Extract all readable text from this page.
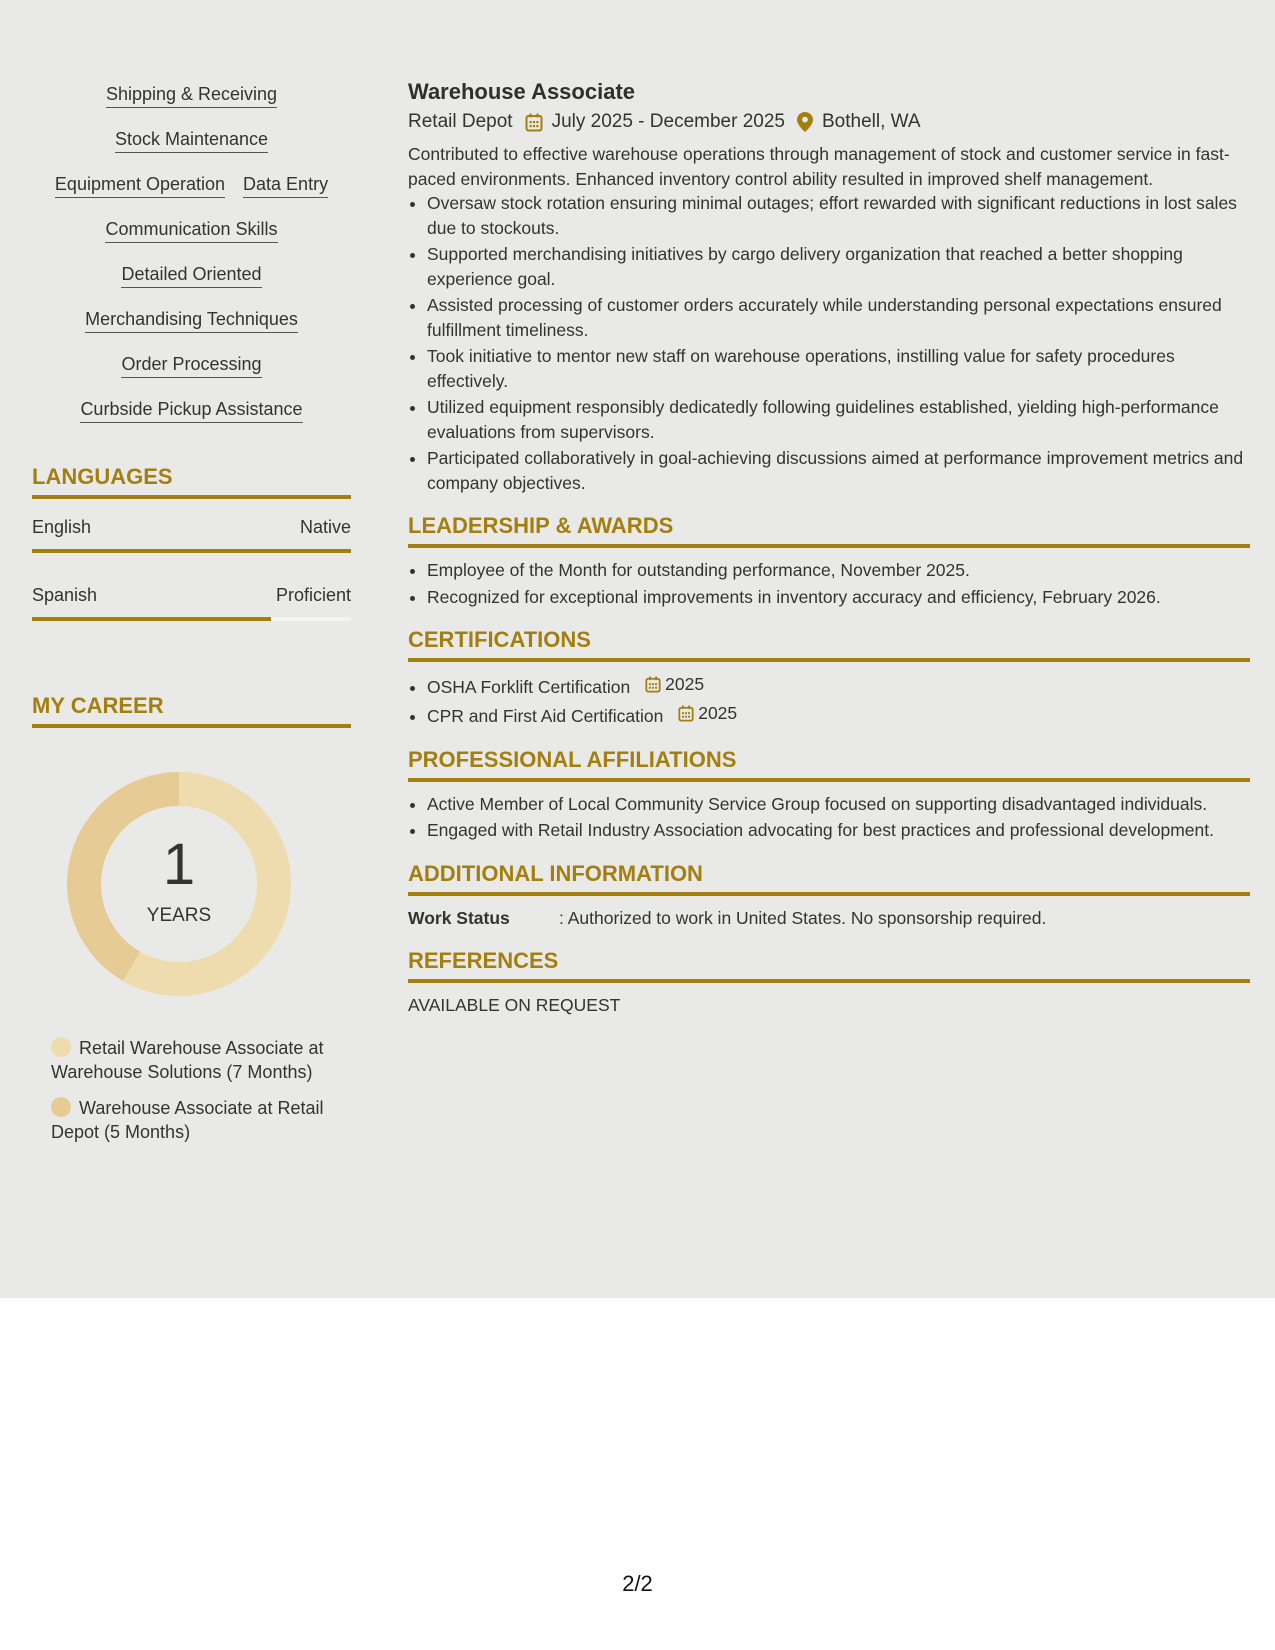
Shipping & Receiving
Stock Maintenance
Equipment Operation Data Entry
Communication Skills
Detailed Oriented
Merchandising Techniques
Order Processing
Curbside Pickup Assistance
LANGUAGES
English	Native
Spanish	Proficient
MY CAREER
1
YEARS
Retail Warehouse Associate at Warehouse Solutions (7 Months)
Warehouse Associate at Retail Depot (5 Months)
Warehouse Associate
Retail Depot July 2025 - December 2025 Bothell, WA
Contributed to effective warehouse operations through management of stock and customer service in fast-paced environments. Enhanced inventory control ability resulted in improved shelf management.
• Oversaw stock rotation ensuring minimal outages; effort rewarded with significant reductions in lost sales due to stockouts.
• Supported merchandising initiatives by cargo delivery organization that reached a better shopping experience goal.
• Assisted processing of customer orders accurately while understanding personal expectations ensured fulfillment timeliness.
• Took initiative to mentor new staff on warehouse operations, instilling value for safety procedures effectively.
• Utilized equipment responsibly dedicatedly following guidelines established, yielding high-performance evaluations from supervisors.
• Participated collaboratively in goal-achieving discussions aimed at performance improvement metrics and company objectives.
LEADERSHIP & AWARDS
• Employee of the Month for outstanding performance, November 2025.
• Recognized for exceptional improvements in inventory accuracy and efficiency, February 2026.
CERTIFICATIONS
• OSHA Forklift Certification 2025
• CPR and First Aid Certification 2025
PROFESSIONAL AFFILIATIONS
• Active Member of Local Community Service Group focused on supporting disadvantaged individuals.
• Engaged with Retail Industry Association advocating for best practices and professional development.
ADDITIONAL INFORMATION
Work Status	: Authorized to work in United States. No sponsorship required.
REFERENCES
AVAILABLE ON REQUEST
2/2
